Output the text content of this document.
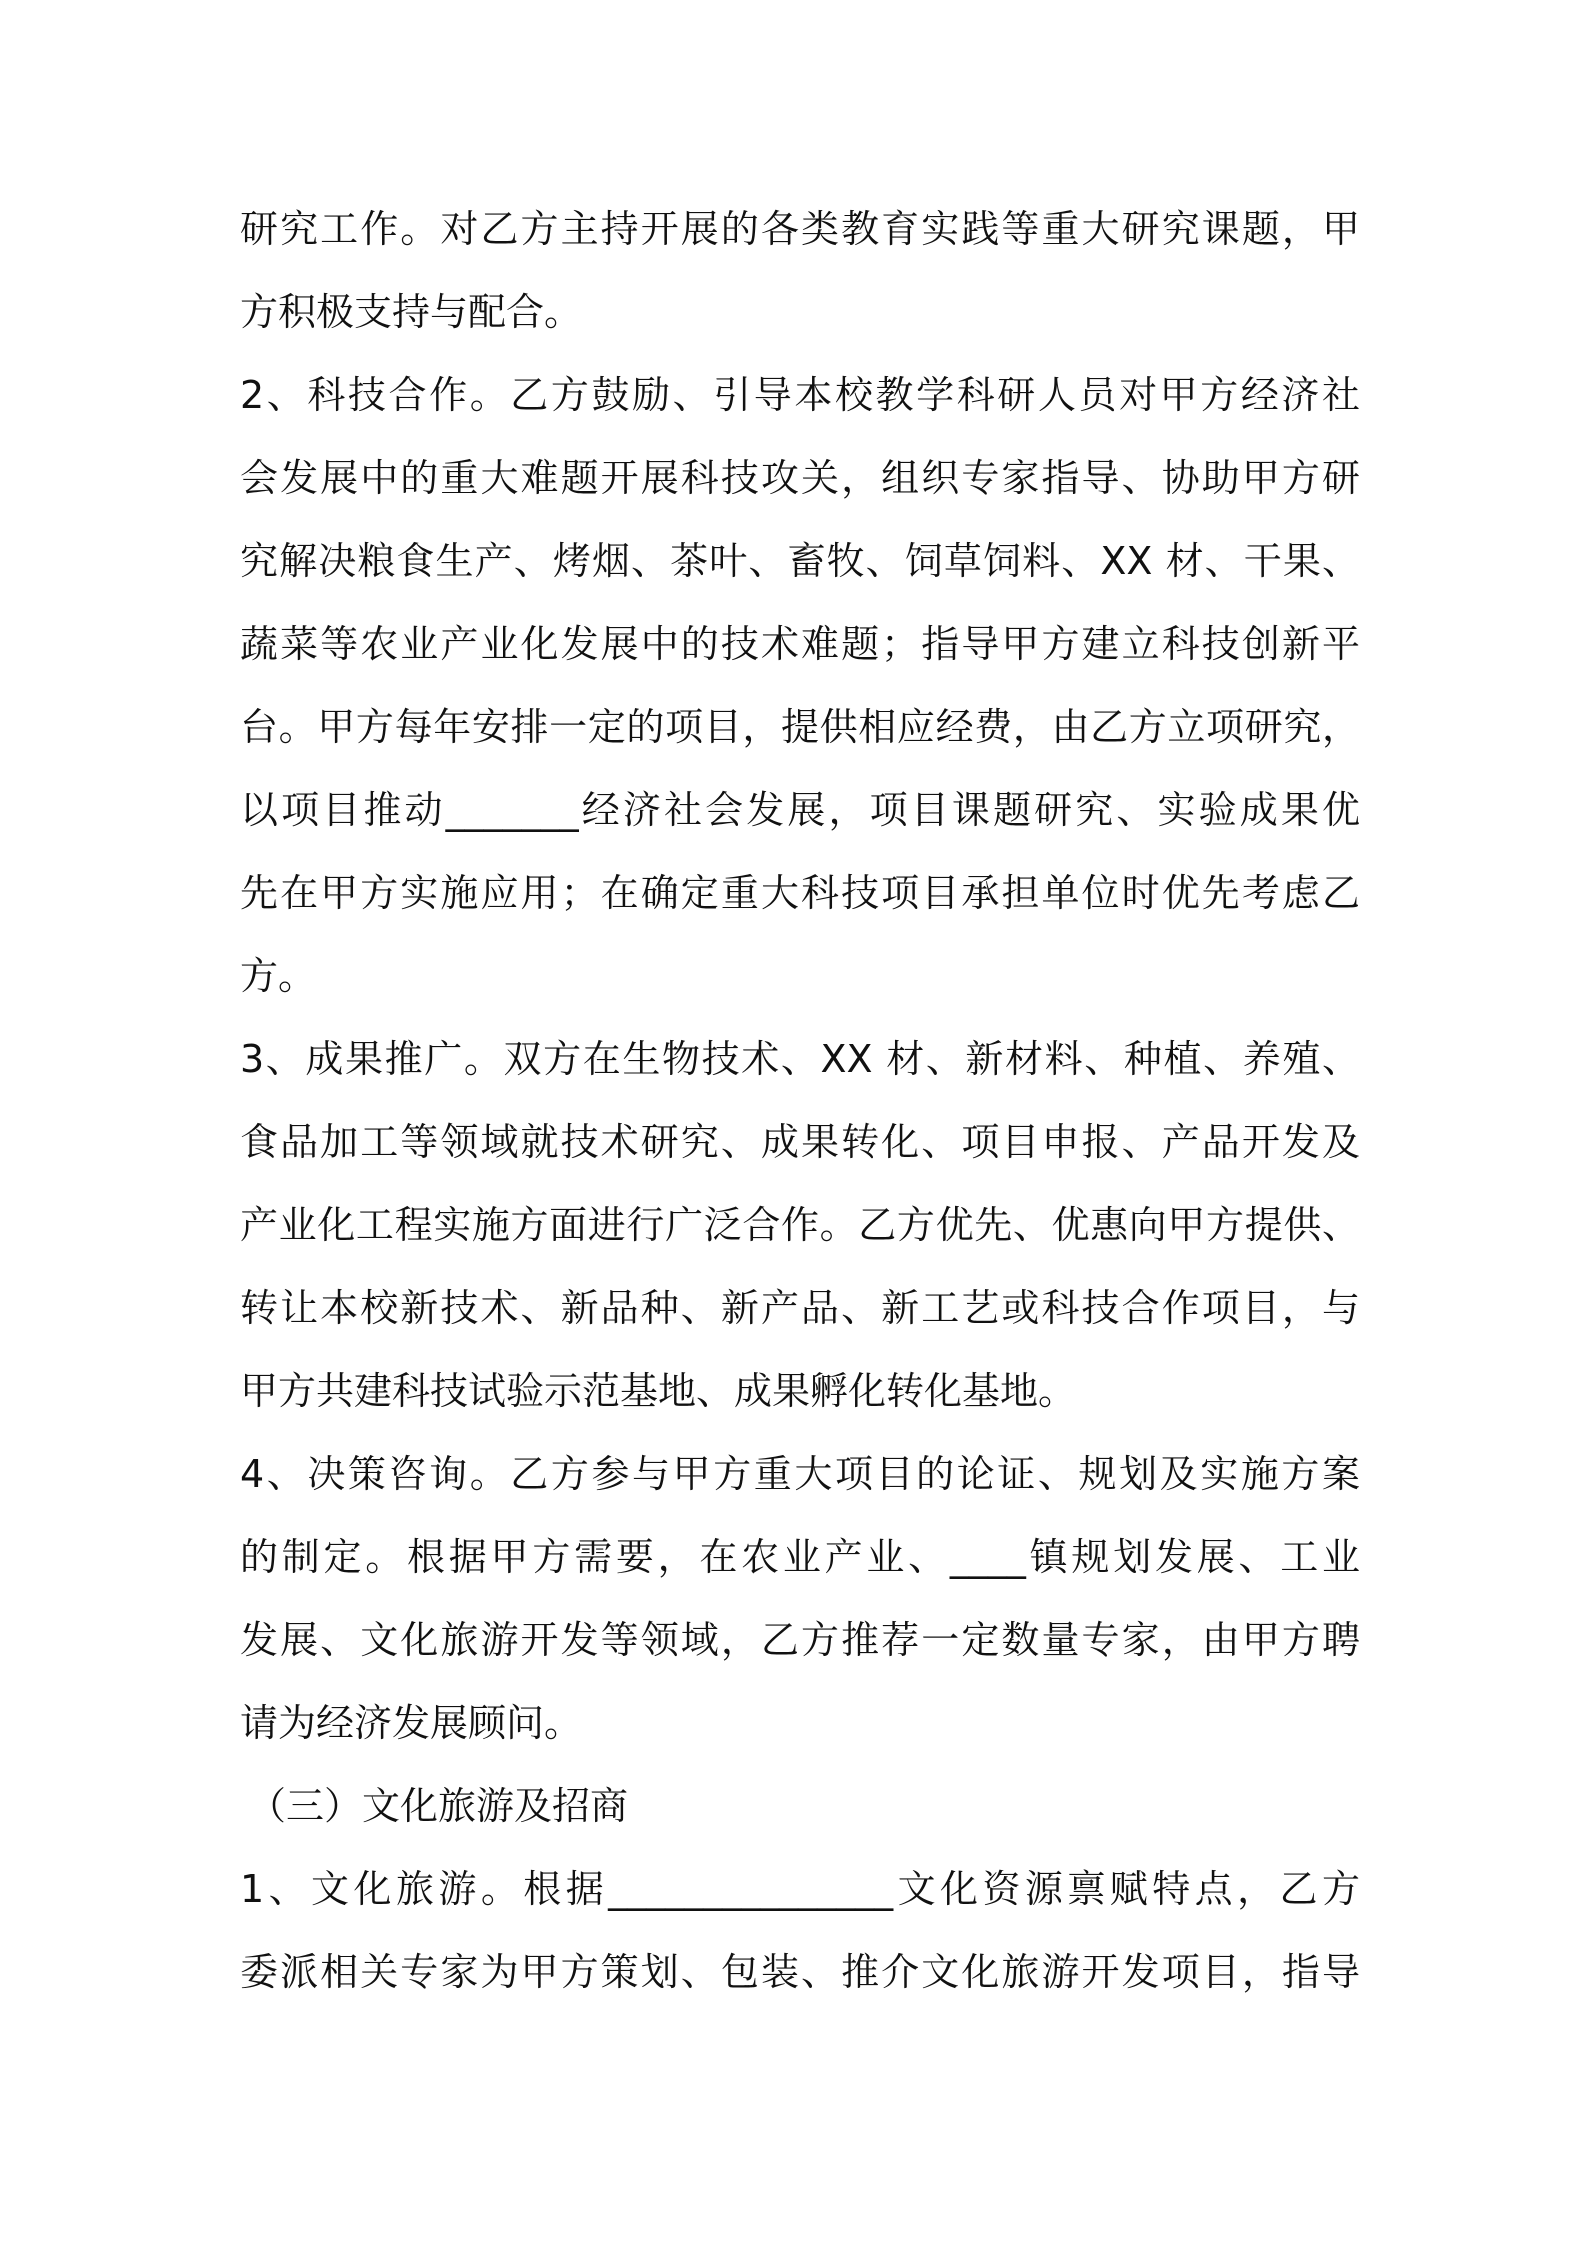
研究工作。对乙方主持开展的各类教育实践等重大研究课题，甲
方积极支持与配合。
2、科技合作。乙方鼓励、引导本校教学科研人员对甲方经济社
会发展中的重大难题开展科技攻关，组织专家指导、协助甲方研
究解决粮食生产、烤烟、茶叶、畜牧、饲草饲料、XX 材、干果、
蔬菜等农业产业化发展中的技术难题；指导甲方建立科技创新平
台。甲方每年安排一定的项目，提供相应经费，由乙方立项研究，
以项目推动_______经济社会发展，项目课题研究、实验成果优
先在甲方实施应用；在确定重大科技项目承担单位时优先考虑乙
方。
3、成果推广。双方在生物技术、XX 材、新材料、种植、养殖、
食品加工等领域就技术研究、成果转化、项目申报、产品开发及
产业化工程实施方面进行广泛合作。乙方优先、优惠向甲方提供、
转让本校新技术、新品种、新产品、新工艺或科技合作项目，与
甲方共建科技试验示范基地、成果孵化转化基地。
4、决策咨询。乙方参与甲方重大项目的论证、规划及实施方案
的制定。根据甲方需要，在农业产业、____镇规划发展、工业
发展、文化旅游开发等领域，乙方推荐一定数量专家，由甲方聘
请为经济发展顾问。
（三）文化旅游及招商
1、文化旅游。根据_______________文化资源禀赋特点，乙方
委派相关专家为甲方策划、包装、推介文化旅游开发项目，指导
